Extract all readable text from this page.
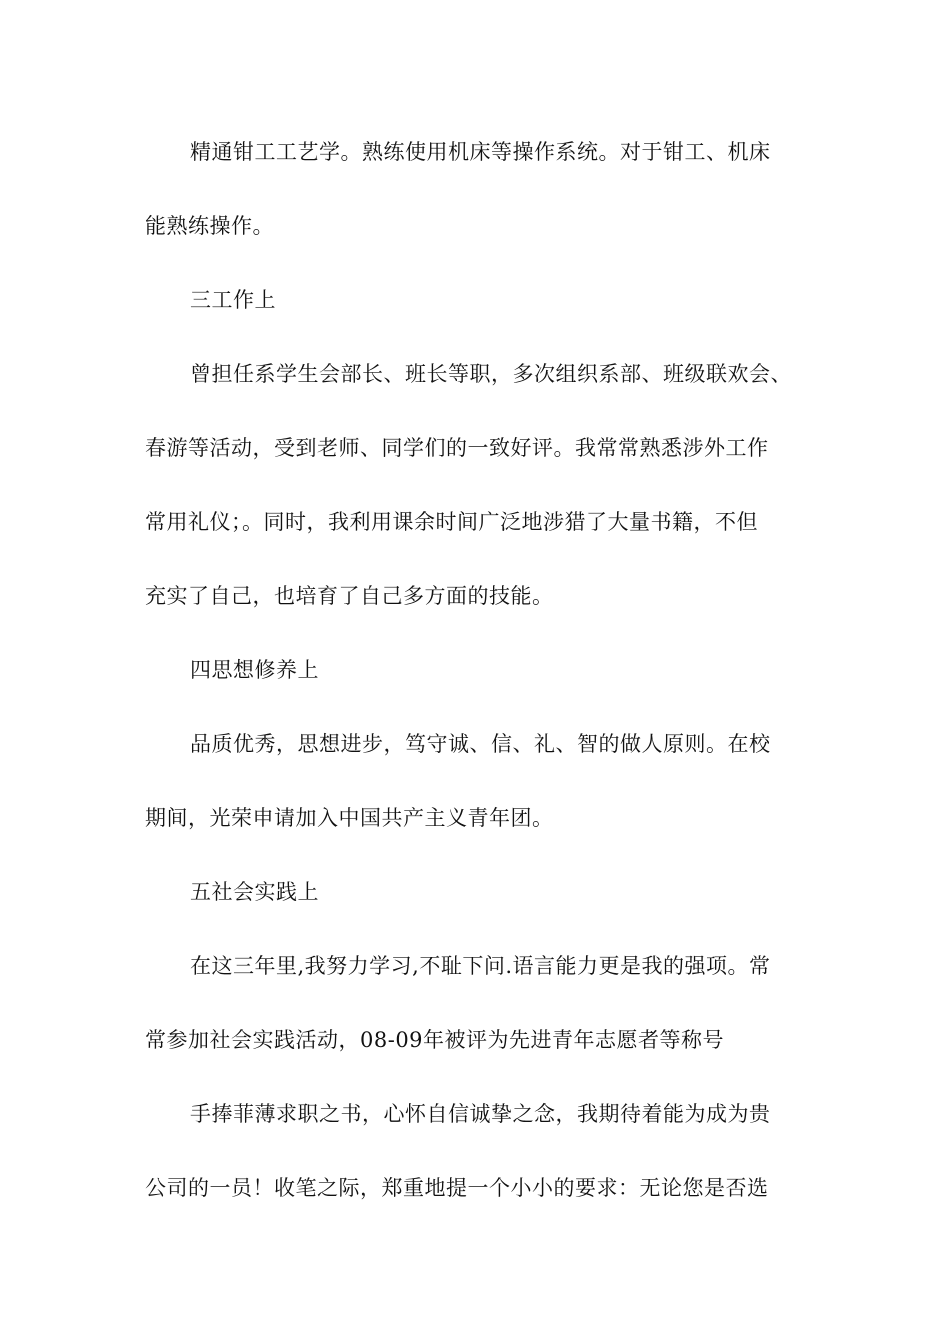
精通钳工工艺学。熟练使用机床等操作系统。对于钳工、机床
能熟练操作。
三工作上
曾担任系学生会部长、班长等职，多次组织系部、班级联欢会、
春游等活动，受到老师、同学们的一致好评。我常常熟悉涉外工作
常用礼仪；。同时，我利用课余时间广泛地涉猎了大量书籍，不但
充实了自己，也培育了自己多方面的技能。
四思想修养上
品质优秀，思想进步，笃守诚、信、礼、智的做人原则。在校
期间，光荣申请加入中国共产主义青年团。
五社会实践上
在这三年里,我努力学习,不耻下问.语言能力更是我的强项。常
常参加社会实践活动，08-09年被评为先进青年志愿者等称号
手捧菲薄求职之书，心怀自信诚挚之念，我期待着能为成为贵
公司的一员！收笔之际，郑重地提一个小小的要求：无论您是否选
